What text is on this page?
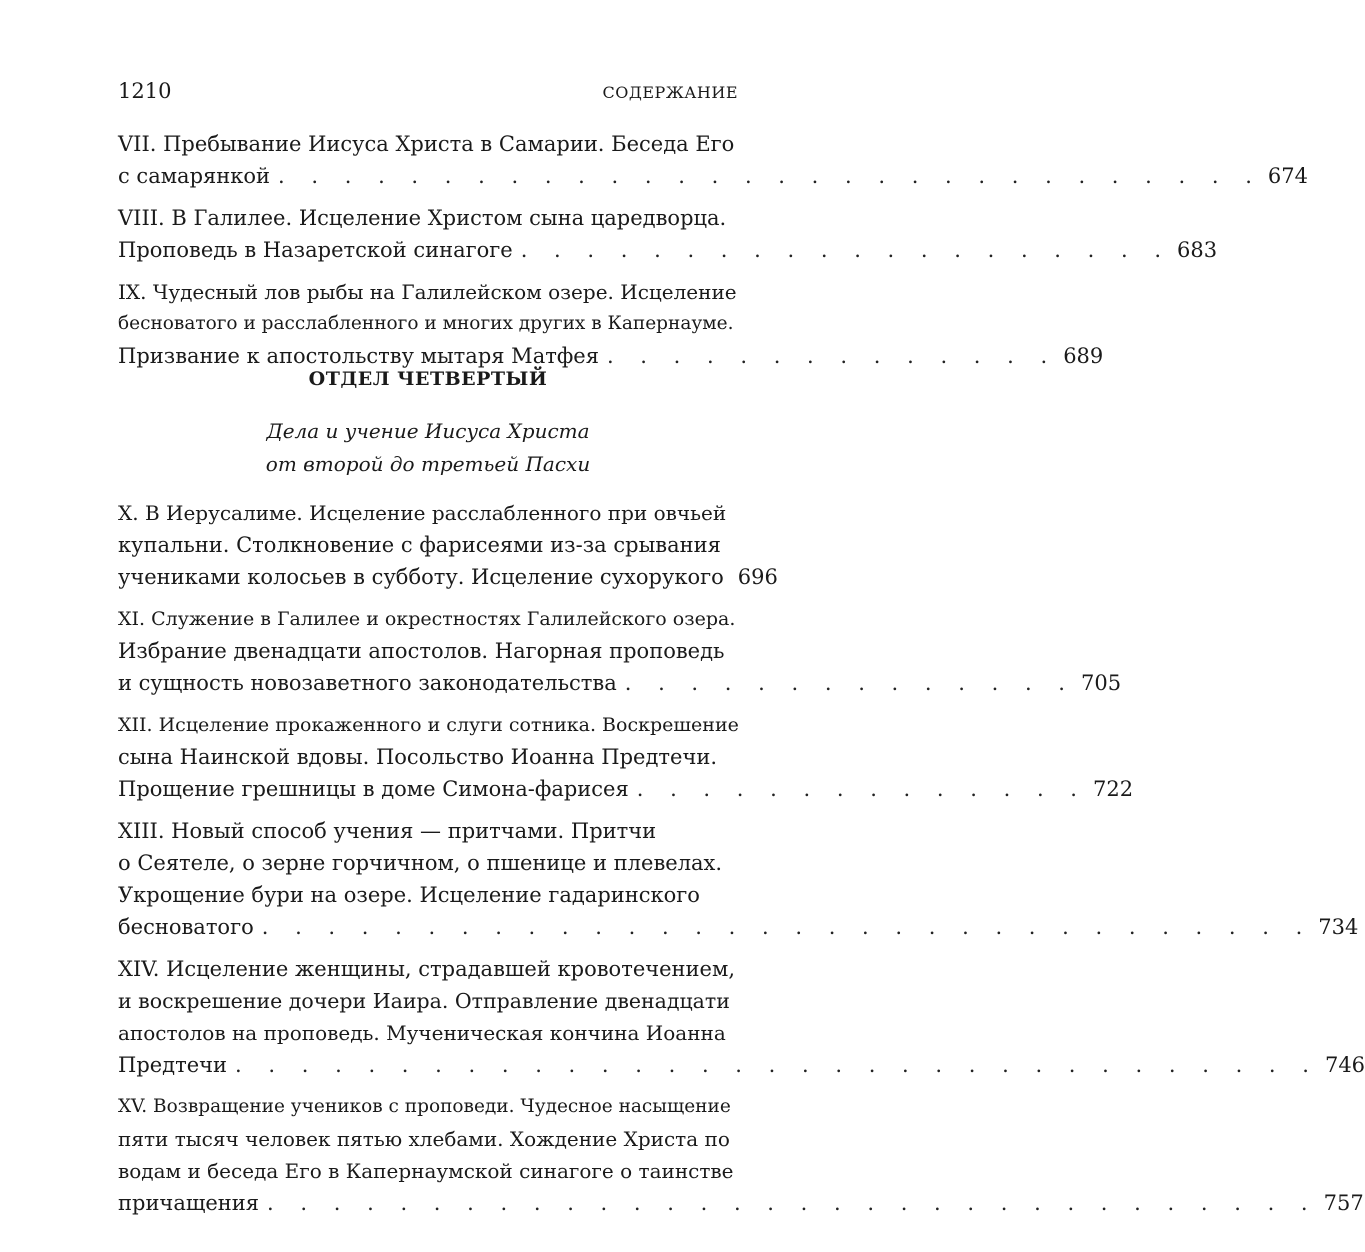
1210	СОДЕРЖАНИЕ
VII. Пребывание Иисуса Христа в Самарии. Беседа Его
с самарянкой . . . . . . . . . . . . . . . . . . . . . . . . . . . . . . 674
VIII. В Галилее. Исцеление Христом сына царедворца.
Проповедь в Назаретской синагоге . . . . . . . . . . . . . . . . . . . . 683
IX. Чудесный лов рыбы на Галилейском озере. Исцеление
бесноватого и расслабленного и многих других в Капернауме.
Призвание к апостольству мытаря Матфея . . . . . . . . . . . . . . 689
ОТДЕЛ ЧЕТВЕРТЫЙ
Дела и учение Иисуса Христа
от второй до третьей Пасхи
X. В Иерусалиме. Исцеление расслабленного при овчьей
купальни. Столкновение с фарисеями из-за срывания
учениками колосьев в субботу. Исцеление сухорукого 696
XI. Служение в Галилее и окрестностях Галилейского озера.
Избрание двенадцати апостолов. Нагорная проповедь
и сущность новозаветного законодательства . . . . . . . . . . . . . . 705
XII. Исцеление прокаженного и слуги сотника. Воскрешение
сына Наинской вдовы. Посольство Иоанна Предтечи.
Прощение грешницы в доме Симона-фарисея . . . . . . . . . . . . . . 722
XIII. Новый способ учения — притчами. Притчи
о Сеятеле, о зерне горчичном, о пшенице и плевелах.
Укрощение бури на озере. Исцеление гадаринского
бесноватого . . . . . . . . . . . . . . . . . . . . . . . . . . . . . . . . 734
XIV. Исцеление женщины, страдавшей кровотечением,
и воскрешение дочери Иаира. Отправление двенадцати
апостолов на проповедь. Мученическая кончина Иоанна
Предтечи . . . . . . . . . . . . . . . . . . . . . . . . . . . . . . . . . 746
XV. Возвращение учеников с проповеди. Чудесное насыщение
пяти тысяч человек пятью хлебами. Хождение Христа по
водам и беседа Его в Капернаумской синагоге о таинстве
причащения . . . . . . . . . . . . . . . . . . . . . . . . . . . . . . . . 757
